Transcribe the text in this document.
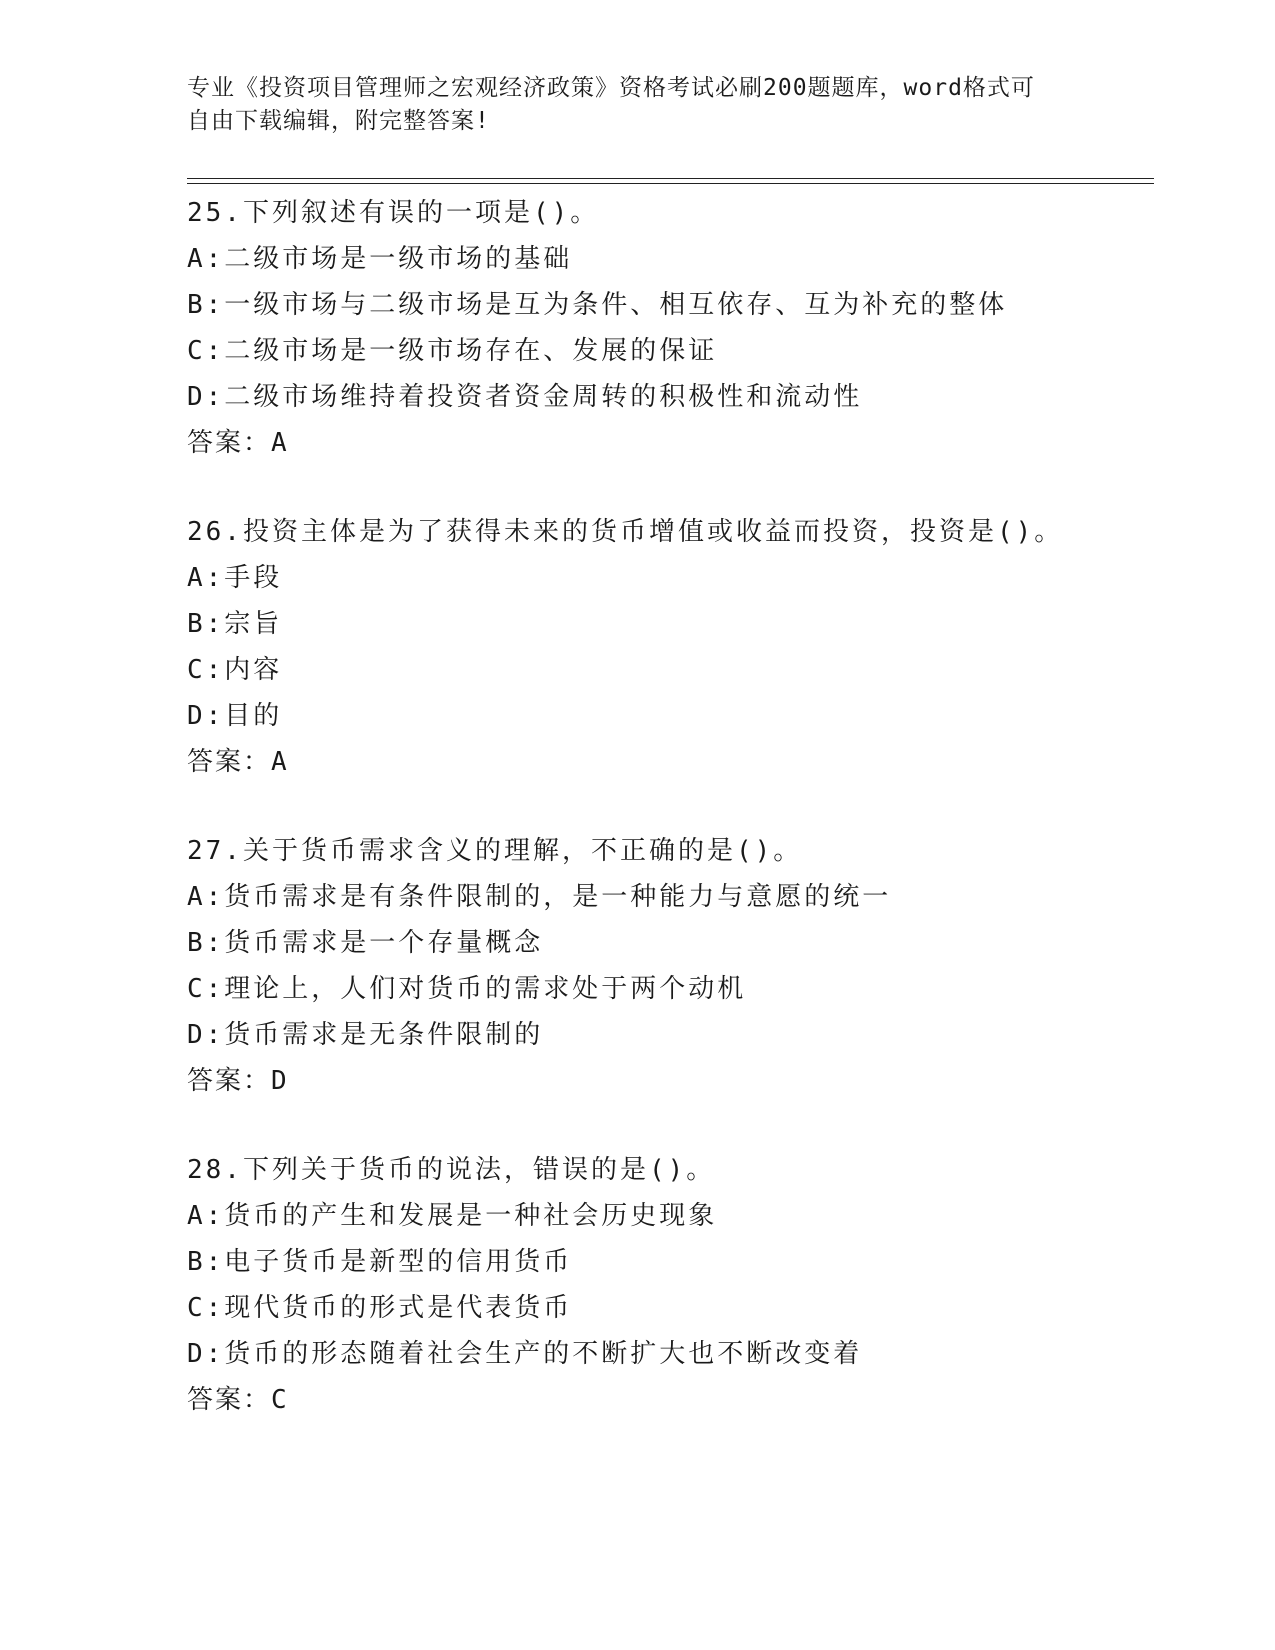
专业《投资项目管理师之宏观经济政策》资格考试必刷200题题库，word格式可
自由下载编辑，附完整答案!
25.下列叙述有误的一项是()。
A:二级市场是一级市场的基础
B:一级市场与二级市场是互为条件、相互依存、互为补充的整体
C:二级市场是一级市场存在、发展的保证
D:二级市场维持着投资者资金周转的积极性和流动性
答案：A
26.投资主体是为了获得未来的货币增值或收益而投资，投资是()。
A:手段
B:宗旨
C:内容
D:目的
答案：A
27.关于货币需求含义的理解，不正确的是()。
A:货币需求是有条件限制的，是一种能力与意愿的统一
B:货币需求是一个存量概念
C:理论上，人们对货币的需求处于两个动机
D:货币需求是无条件限制的
答案：D
28.下列关于货币的说法，错误的是()。
A:货币的产生和发展是一种社会历史现象
B:电子货币是新型的信用货币
C:现代货币的形式是代表货币
D:货币的形态随着社会生产的不断扩大也不断改变着
答案：C
